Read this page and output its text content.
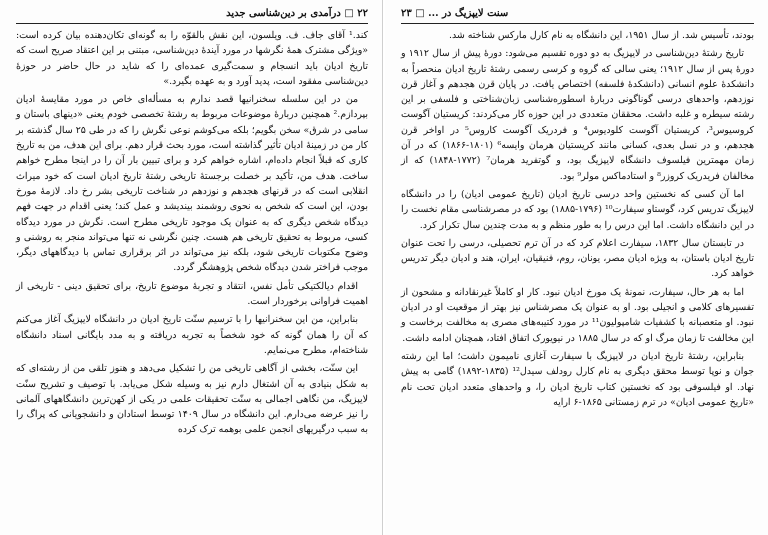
۲۲ □ درآمدی بر دین‌شناسی جدید

کند.¹ آقای جاف. ف. ویلسون، این نقش بالقوّه را به گونه‌ای تکان‌دهنده بیان کرده است: «ویژگی مشترک همهٔ نگرشها در مورد آیندهٔ دین‌شناسی، مبتنی بر این اعتقاد صریح است که تاریخ ادیان باید انسجام و سمت‌گیری عمده‌ای را که شاید در حال حاضر در حوزهٔ دین‌شناسی مفقود است، پدید آورد و به عهده بگیرد.»

من در این سلسله سخنرانیها قصد ندارم به مسأله‌ای خاص در مورد مقایسهٔ ادیان بپردازم.² همچنین دربارهٔ موضوعات مربوط به رشتهٔ تخصصی خودم یعنی «دینهای باستان و سامی در شرق» سخن بگویم؛ بلکه می‌کوشم نوعی نگرش را که در طی ۲۵ سال گذشته بر کار من در زمینهٔ ادیان تأثیر گذاشته است، مورد بحث قرار دهم. برای این هدف، من به تاریخ کاری که قبلاً انجام داده‌ام، اشاره خواهم کرد و برای تبیین بار آن را در اینجا مطرح خواهم ساخت. هدف من، تأکید بر خصلت برجستهٔ تاریخی رشتهٔ تاریخ ادیان است که خود میراث انقلابی است که در قرنهای هجدهم و نوزدهم در شناخت تاریخی بشر رخ داد. لازمهٔ مورخ بودن، این است که شخص به نحوی روشمند بیندیشد و عمل کند؛ یعنی اقدام در جهت فهم دیدگاه شخص دیگری که به عنوان یک موجود تاریخی مطرح است. نگرش در مورد دیدگاه کسی، مربوط به تحقیق تاریخی هم هست. چنین نگرشی نه تنها می‌تواند منجر به روشنی و وضوح مکتوبات تاریخی شود، بلکه نیز می‌تواند در اثر برقراری تماس با دیدگاههای دیگر، موجب فراختر شدن دیدگاه شخص پژوهشگر گردد.

اقدام دیالکتیکی تأمل نفس، انتقاد و تجربهٔ موضوع تاریخ، برای تحقیق دینی - تاریخی از اهمیت فراوانی برخوردار است.

بنابراین، من این سخنرانیها را با ترسیم سنّت تاریخ ادیان در دانشگاه لایپزیگ آغاز می‌کنم که آن را همان گونه که خود شخصاً به تجربه دریافته و به مدد بایگانی اسناد دانشگاه شناخته‌ام، مطرح می‌نمایم.

این سنّت، بخشی از آگاهی تاریخی من را تشکیل می‌دهد و هنوز تلقی من از رشته‌ای که به شکل بنیادی به آن اشتغال دارم نیز به وسیله شکل می‌یابد. با توصیف و تشریح سنّت لایپزیگ، من نگاهی اجمالی به سنّت تحقیقات علمی در یکی از کهن‌ترین دانشگاههای آلمانی را نیز عرضه می‌دارم. این دانشگاه در سال ۱۴۰۹ توسط استادان و دانشجویانی که پراگ را به سبب درگیریهای انجمن علمی بوهمه ترک کرده

سنت لایپزیگ در ... □ ۲۳

بودند، تأسیس شد. از سال ۱۹۵۱، این دانشگاه به نام کارل مارکس شناخته شد.

تاریخ رشتهٔ دین‌شناسی در لایپزیگ به دو دوره تقسیم می‌شود: دورهٔ پیش از سال ۱۹۱۲ و دورهٔ پس از سال ۱۹۱۲؛ یعنی سالی که گروه و کرسی رسمی رشتهٔ تاریخ ادیان منحصراً به دانشکدهٔ علوم انسانی (دانشکدهٔ فلسفه) اختصاص یافت. در پایان قرن هجدهم و آغاز قرن نوزدهم، واحدهای درسی گوناگونی دربارهٔ اسطوره‌شناسی زبان‌شناختی و فلسفی بر این رشته سیطره و غلبه داشت. محققان متعددی در این حوزه کار می‌کردند: کریستیان آگوست کروسیوس³، کریستیان آگوست کلودیوس⁴ و فردریک آگوست کاروس⁵ در اواخر قرن هجدهم، و در نسل بعدی، کسانی مانند کریستیان هرمان وایسه⁶ (۱۸۰۱-۱۸۶۶) که در آن زمان مهمترین فیلسوف دانشگاه لایپزیگ بود، و گوتفرید هرمان⁷ (۱۷۷۲-۱۸۴۸) که از مخالفان فریدریک کروزر⁸ و استادماکس مولر⁹ بود.

اما آن کسی که نخستین واحد درسی تاریخ ادیان (تاریخ عمومی ادیان) را در دانشگاه لایپزیگ تدریس کرد، گوستاو سیفارت¹⁰ (۱۷۹۶-۱۸۸۵) بود که در مصرشناسی مقام نخست را در این دانشگاه داشت. اما این درس را به طور منظم و به مدت چندین سال تکرار کرد.

در تابستان سال ۱۸۳۲، سیفارت اعلام کرد که در آن ترم تحصیلی، درسی را تحت عنوان تاریخ ادیان باستان، به ویژه ادیان مصر، یونان، روم، فنیقیان، ایران، هند و ادیان دیگر تدریس خواهد کرد.

اما به هر حال، سیفارت، نمونهٔ یک مورخ ادیان نبود. کار او کاملاً غیرنقادانه و مشحون از تفسیرهای کلامی و انجیلی بود. او به عنوان یک مصرشناس نیز بهتر از موقعیت او در ادیان نبود. او متعصبانه با کشفیات شامپولیون¹¹ در مورد کتیبه‌های مصری به مخالفت برخاست و این مخالفت تا زمان مرگ او که در سال ۱۸۸۵ در نیویورک اتفاق افتاد، همچنان ادامه داشت.

بنابراین، رشتهٔ تاریخ ادیان در لایپزیگ با سیفارت آغازی نامیمون داشت؛ اما این رشته جوان و نوپا توسط محقق دیگری به نام کارل رودلف سیدل¹² (۱۸۳۵-۱۸۹۲) گامی به پیش نهاد. او فیلسوفی بود که نخستین کتاب تاریخ ادیان را، و واحدهای متعدد ادیان تحت نام «تاریخ عمومی ادیان» در ترم زمستانی ۱۸۶۵-۶ ارایه
